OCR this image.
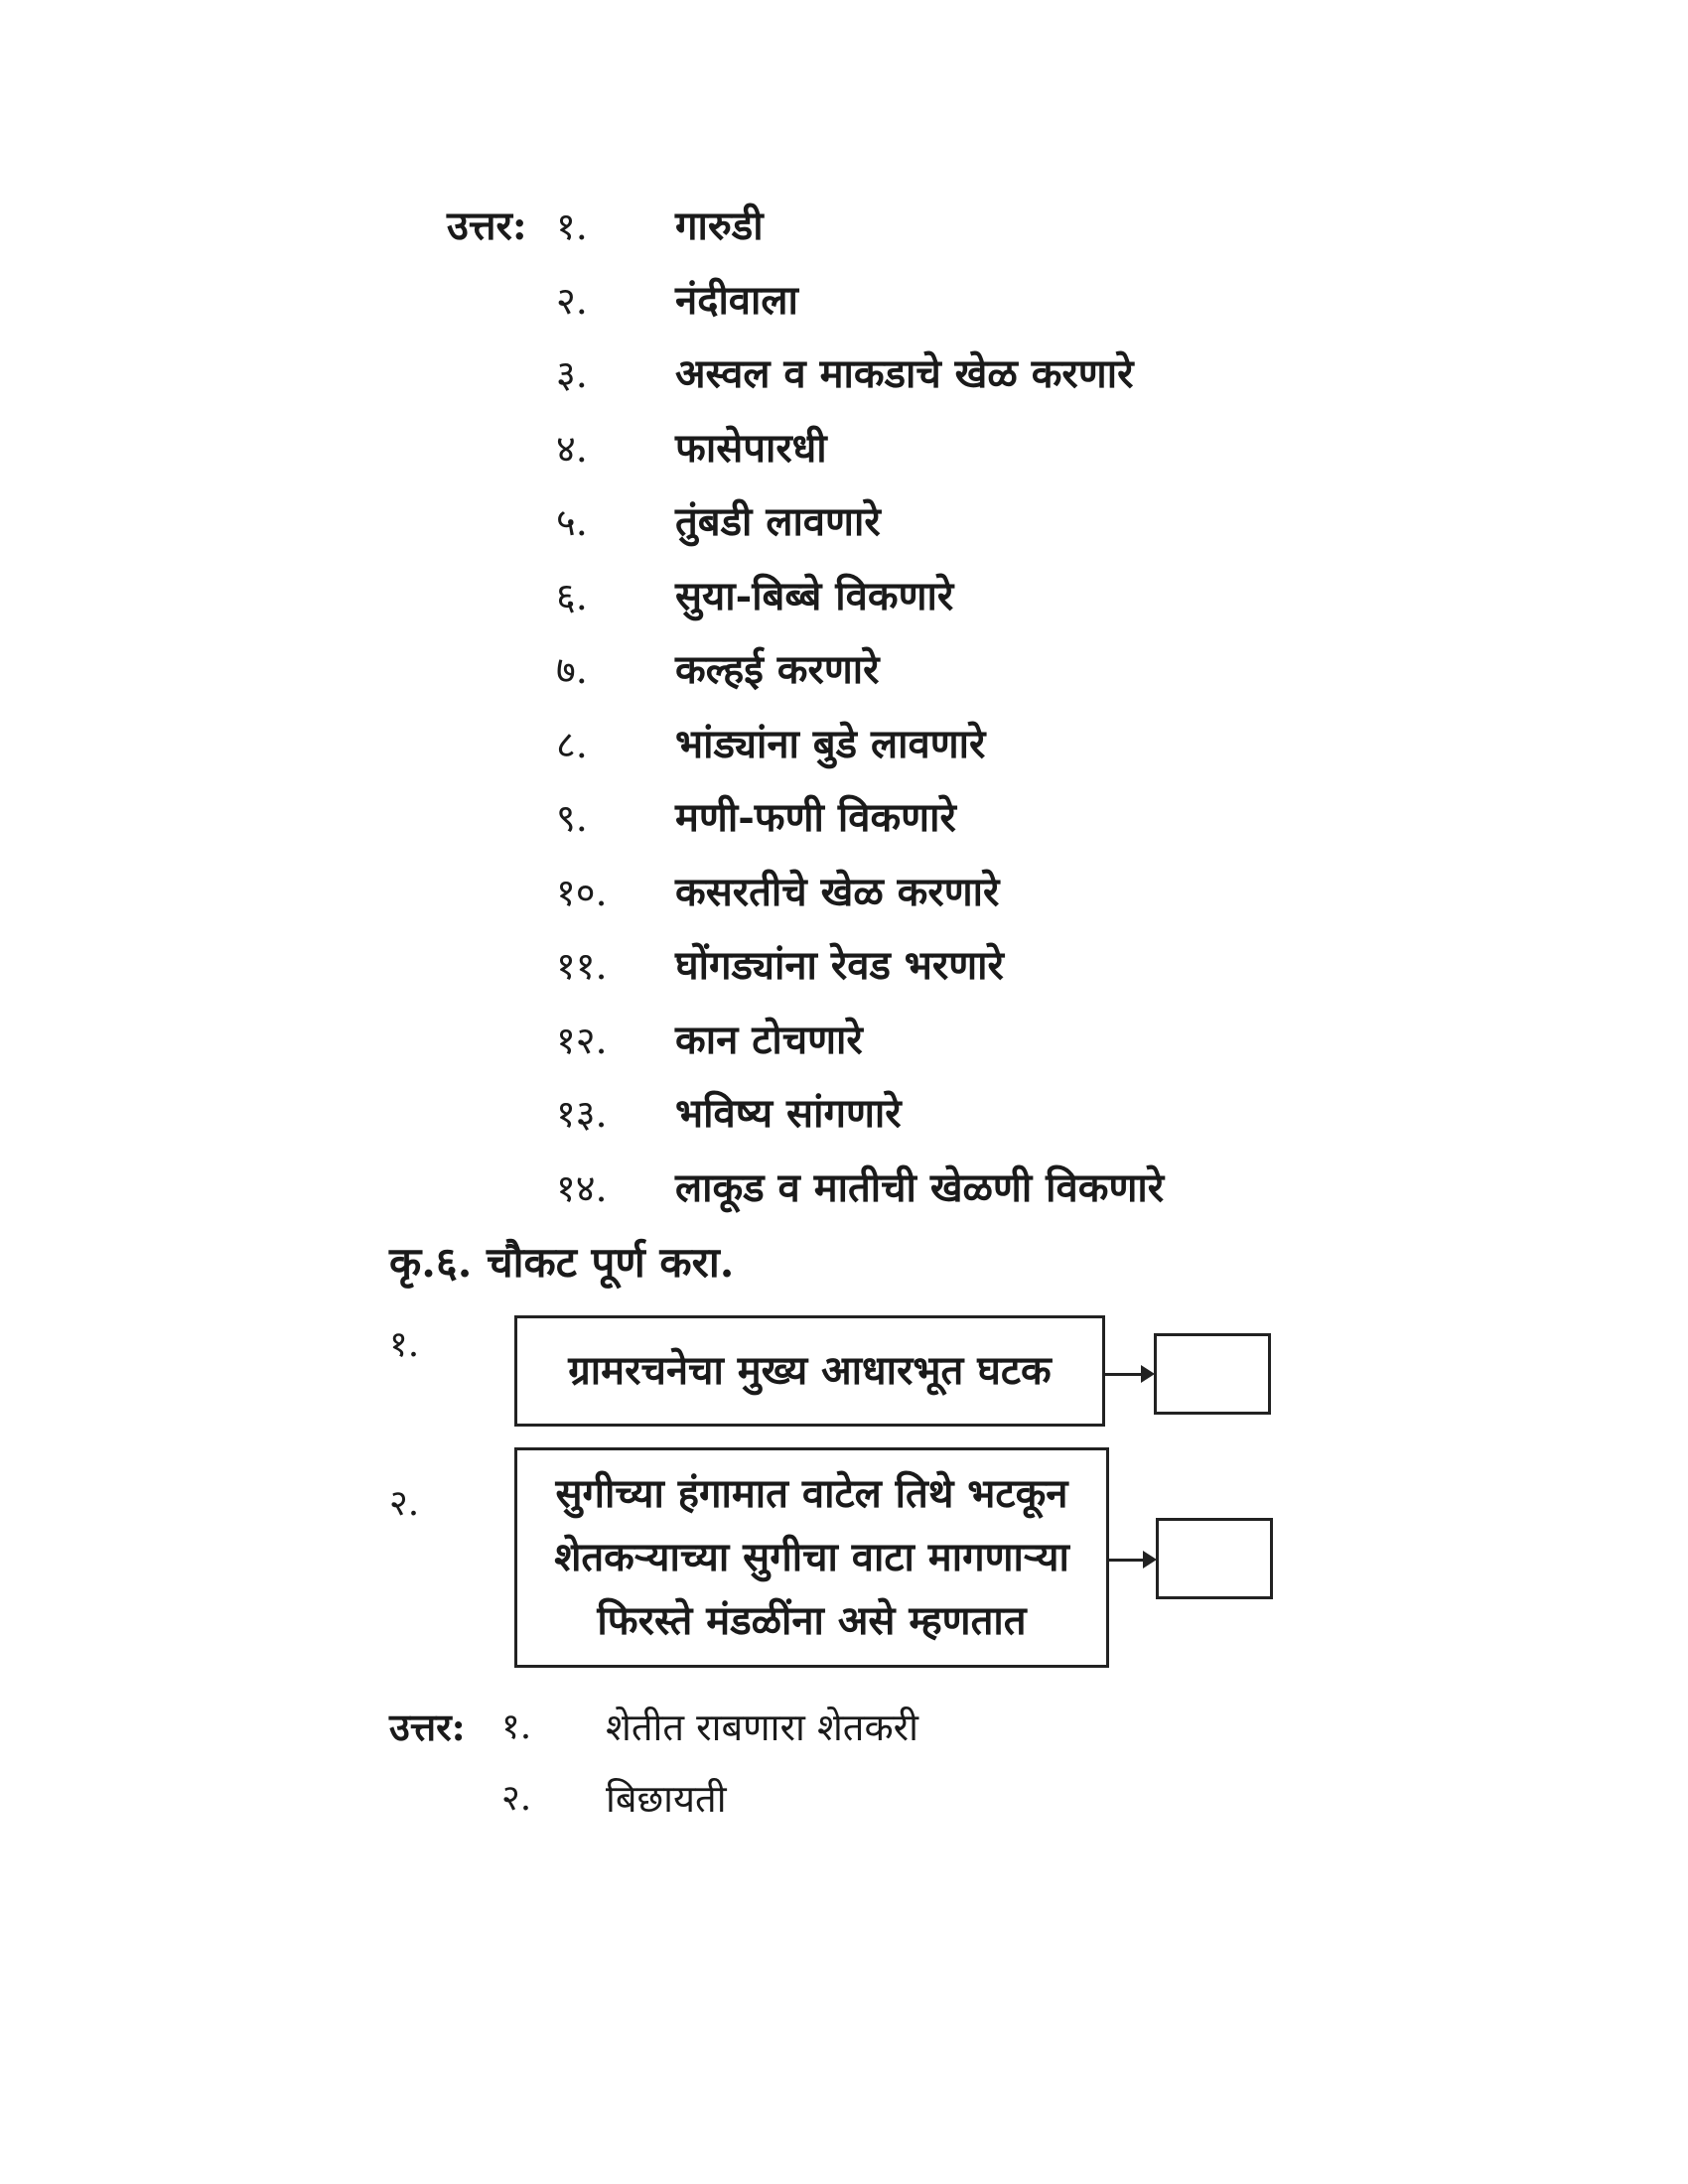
उत्तर: १.	गारुडी
२.	नंदीवाला
३.	अस्वल व माकडाचे खेळ करणारे
४.	फासेपारधी
५.	तुंबडी लावणारे
६.	सुया-बिब्बे विकणारे
७.	कल्हई करणारे
८.	भांड्यांना बुडे लावणारे
९.	मणी-फणी विकणारे
१०.	कसरतीचे खेळ करणारे
११.	घोंगड्यांना रेवड भरणारे
१२.	कान टोचणारे
१३.	भविष्य सांगणारे
१४.	लाकूड व मातीची खेळणी विकणारे
कृ.६. चौकट पूर्ण करा.
१.
ग्रामरचनेचा मुख्य आधारभूत घटक
२.	सुगीच्या हंगामात वाटेल तिथे भटकून
शेतकऱ्याच्या सुगीचा वाटा मागणाऱ्या
फिरस्ते मंडळींना असे म्हणतात
उत्तर: १.	शेतीत राबणारा शेतकरी
२.	बिछायती
